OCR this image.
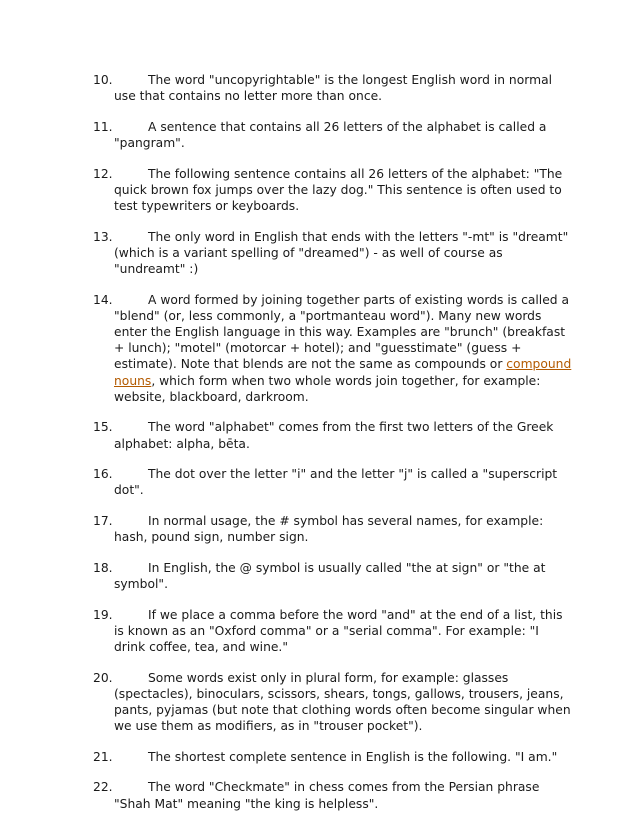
10.	The word "uncopyrightable" is the longest English word in normal use that contains no letter more than once.
11.	A sentence that contains all 26 letters of the alphabet is called a "pangram".
12.	The following sentence contains all 26 letters of the alphabet: "The quick brown fox jumps over the lazy dog." This sentence is often used to test typewriters or keyboards.
13.	The only word in English that ends with the letters "-mt" is "dreamt" (which is a variant spelling of "dreamed") - as well of course as "undreamt" :)
14.	A word formed by joining together parts of existing words is called a "blend" (or, less commonly, a "portmanteau word"). Many new words enter the English language in this way. Examples are "brunch" (breakfast + lunch); "motel" (motorcar + hotel); and "guesstimate" (guess + estimate). Note that blends are not the same as compounds or compound nouns, which form when two whole words join together, for example: website, blackboard, darkroom.
15.	The word "alphabet" comes from the first two letters of the Greek alphabet: alpha, bēta.
16.	The dot over the letter "i" and the letter "j" is called a "superscript dot".
17.	In normal usage, the # symbol has several names, for example: hash, pound sign, number sign.
18.	In English, the @ symbol is usually called "the at sign" or "the at symbol".
19.	If we place a comma before the word "and" at the end of a list, this is known as an "Oxford comma" or a "serial comma". For example: "I drink coffee, tea, and wine."
20.	Some words exist only in plural form, for example: glasses (spectacles), binoculars, scissors, shears, tongs, gallows, trousers, jeans, pants, pyjamas (but note that clothing words often become singular when we use them as modifiers, as in "trouser pocket").
21.	The shortest complete sentence in English is the following. "I am."
22.	The word "Checkmate" in chess comes from the Persian phrase "Shah Mat" meaning "the king is helpless".
